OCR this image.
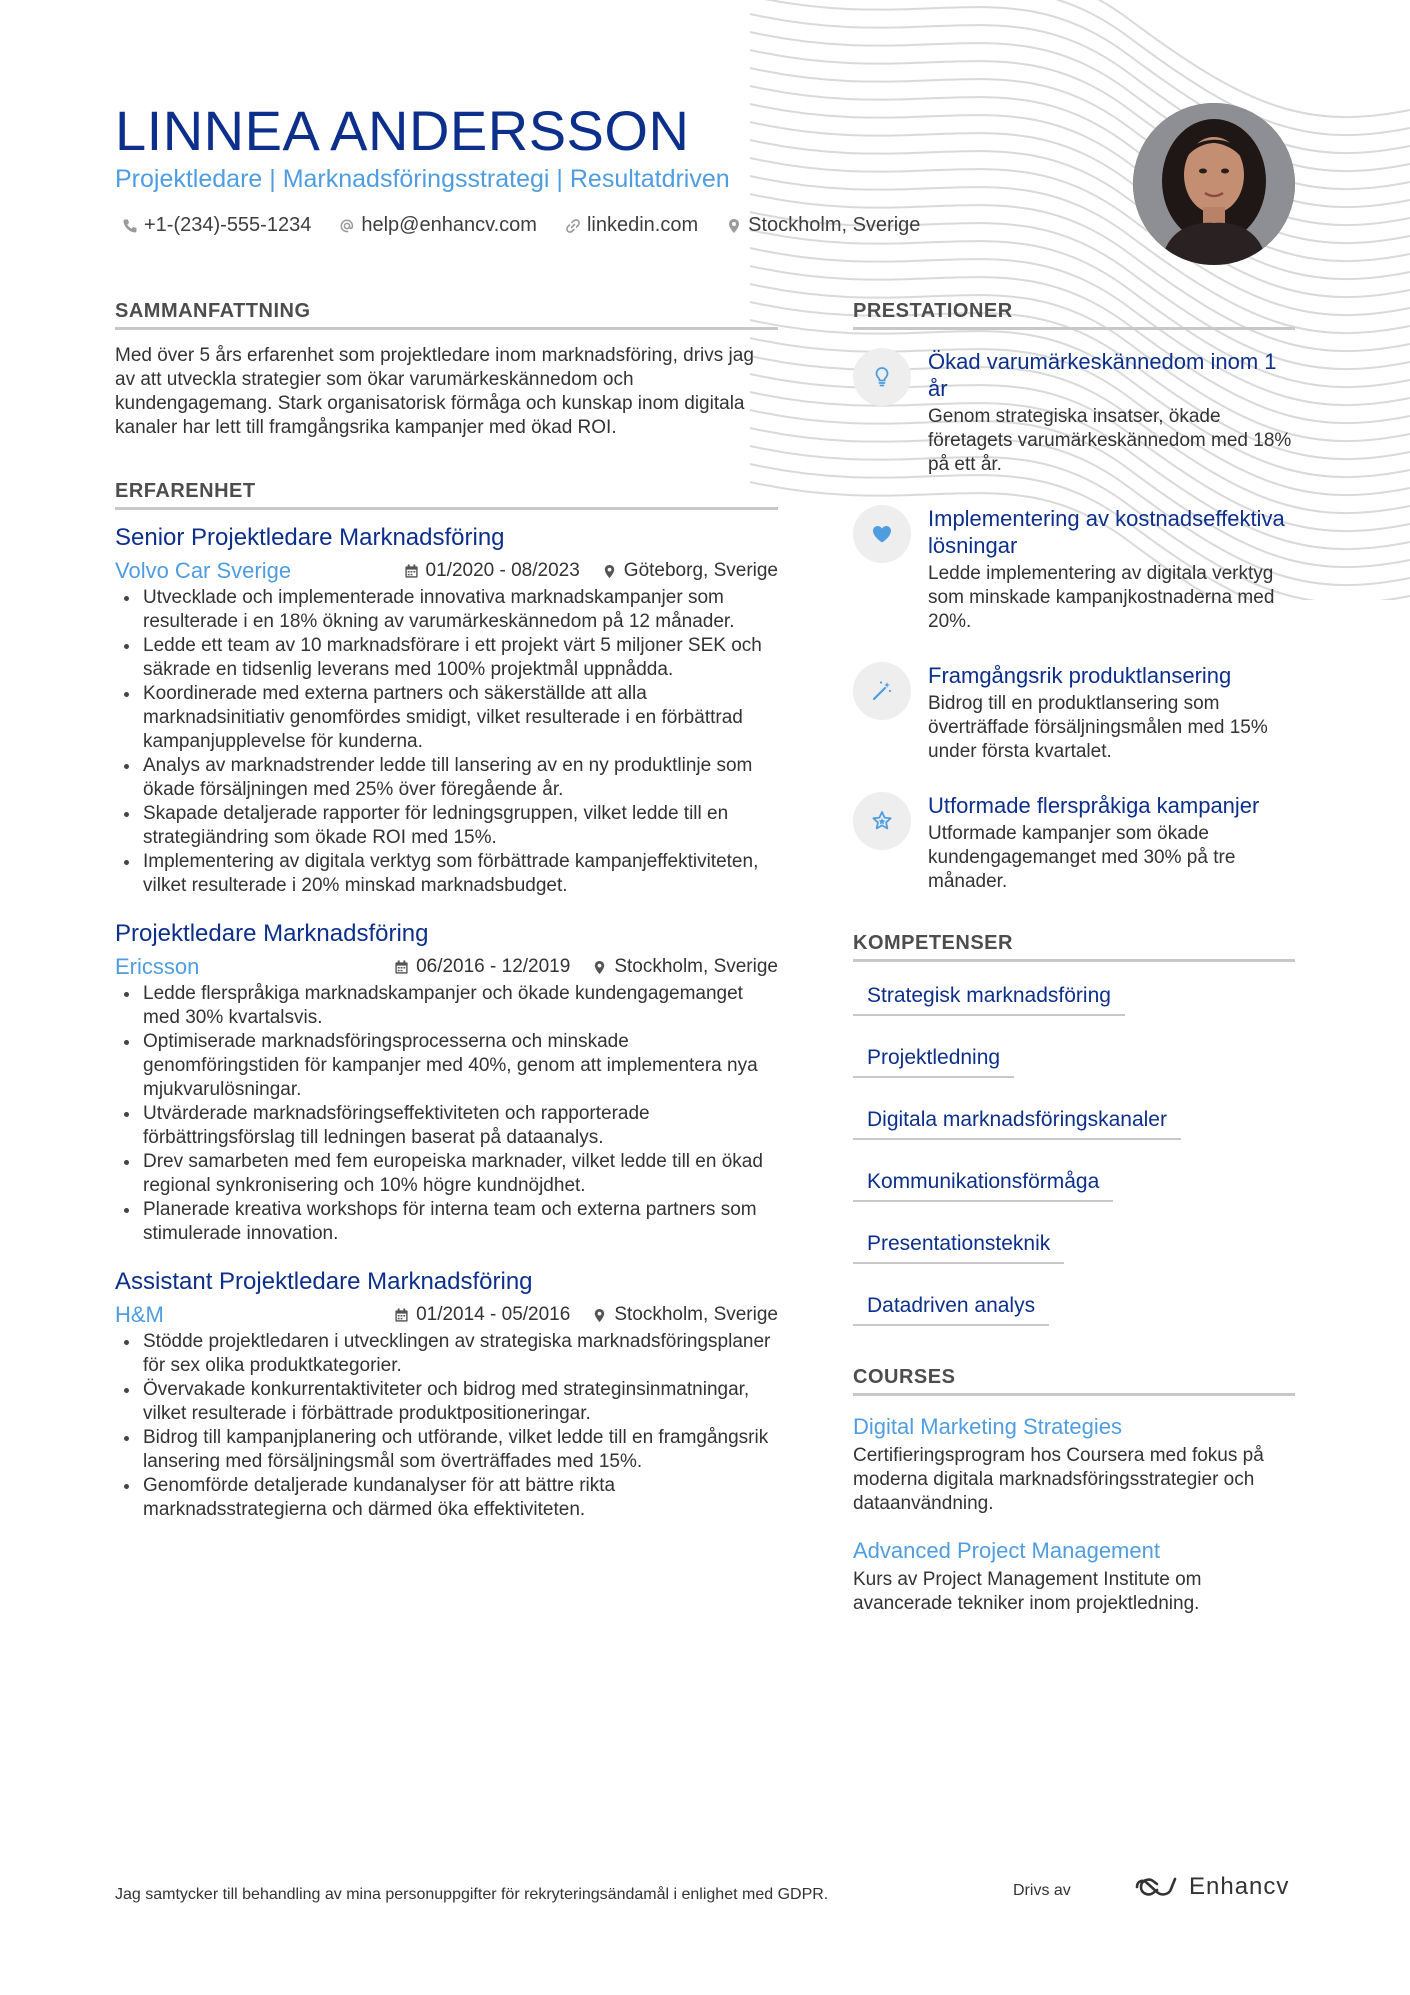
LINNEA ANDERSSON
Projektledare | Marknadsföringsstrategi | Resultatdriven
+1-(234)-555-1234	help@enhancv.com	linkedin.com	Stockholm, Sverige
SAMMANFATTNING

Med över 5 års erfarenhet som projektledare inom marknadsföring, drivs jag av att utveckla strategier som ökar varumärkeskännedom och kundengagemang. Stark organisatorisk förmåga och kunskap inom digitala kanaler har lett till framgångsrika kampanjer med ökad ROI.

ERFARENHET
Senior Projektledare Marknadsföring
Volvo Car Sverige	01/2020 - 08/2023 Göteborg, Sverige
Utvecklade och implementerade innovativa marknadskampanjer som resulterade i en 18% ökning av varumärkeskännedom på 12 månader.
Ledde ett team av 10 marknadsförare i ett projekt värt 5 miljoner SEK och säkrade en tidsenlig leverans med 100% projektmål uppnådda.
Koordinerade med externa partners och säkerställde att alla marknadsinitiativ genomfördes smidigt, vilket resulterade i en förbättrad kampanjupplevelse för kunderna.
Analys av marknadstrender ledde till lansering av en ny produktlinje som ökade försäljningen med 25% över föregående år.
Skapade detaljerade rapporter för ledningsgruppen, vilket ledde till en strategiändring som ökade ROI med 15%.
Implementering av digitala verktyg som förbättrade kampanjeffektiviteten, vilket resulterade i 20% minskad marknadsbudget.
Projektledare Marknadsföring
Ericsson	06/2016 - 12/2019 Stockholm, Sverige
Ledde flerspråkiga marknadskampanjer och ökade kundengagemanget med 30% kvartalsvis.
Optimiserade marknadsföringsprocesserna och minskade genomföringstiden för kampanjer med 40%, genom att implementera nya mjukvarulösningar.
Utvärderade marknadsföringseffektiviteten och rapporterade förbättringsförslag till ledningen baserat på dataanalys.
Drev samarbeten med fem europeiska marknader, vilket ledde till en ökad regional synkronisering och 10% högre kundnöjdhet.
Planerade kreativa workshops för interna team och externa partners som stimulerade innovation.
Assistant Projektledare Marknadsföring
H&M	01/2014 - 05/2016 Stockholm, Sverige
Stödde projektledaren i utvecklingen av strategiska marknadsföringsplaner för sex olika produktkategorier.
Övervakade konkurrentaktiviteter och bidrog med strateginsinmatningar, vilket resulterade i förbättrade produktpositioneringar.
Bidrog till kampanjplanering och utförande, vilket ledde till en framgångsrik lansering med försäljningsmål som överträffades med 15%.
Genomförde detaljerade kundanalyser för att bättre rikta marknadsstrategierna och därmed öka effektiviteten.
PRESTATIONER
Ökad varumärkeskännedom inom 1 år
Genom strategiska insatser, ökade företagets varumärkeskännedom med 18% på ett år.
Implementering av kostnadseffektiva lösningar
Ledde implementering av digitala verktyg som minskade kampanjkostnaderna med 20%.
Framgångsrik produktlansering
Bidrog till en produktlansering som överträffade försäljningsmålen med 15% under första kvartalet.
Utformade flerspråkiga kampanjer
Utformade kampanjer som ökade kundengagemanget med 30% på tre månader.
KOMPETENSER
Strategisk marknadsföring
Projektledning
Digitala marknadsföringskanaler
Kommunikationsförmåga
Presentationsteknik
Datadriven analys
COURSES
Digital Marketing Strategies
Certifieringsprogram hos Coursera med fokus på moderna digitala marknadsföringsstrategier och dataanvändning.
Advanced Project Management
Kurs av Project Management Institute om avancerade tekniker inom projektledning.
Jag samtycker till behandling av mina personuppgifter för rekryteringsändamål i enlighet med GDPR.	Drivs av	Enhancv
